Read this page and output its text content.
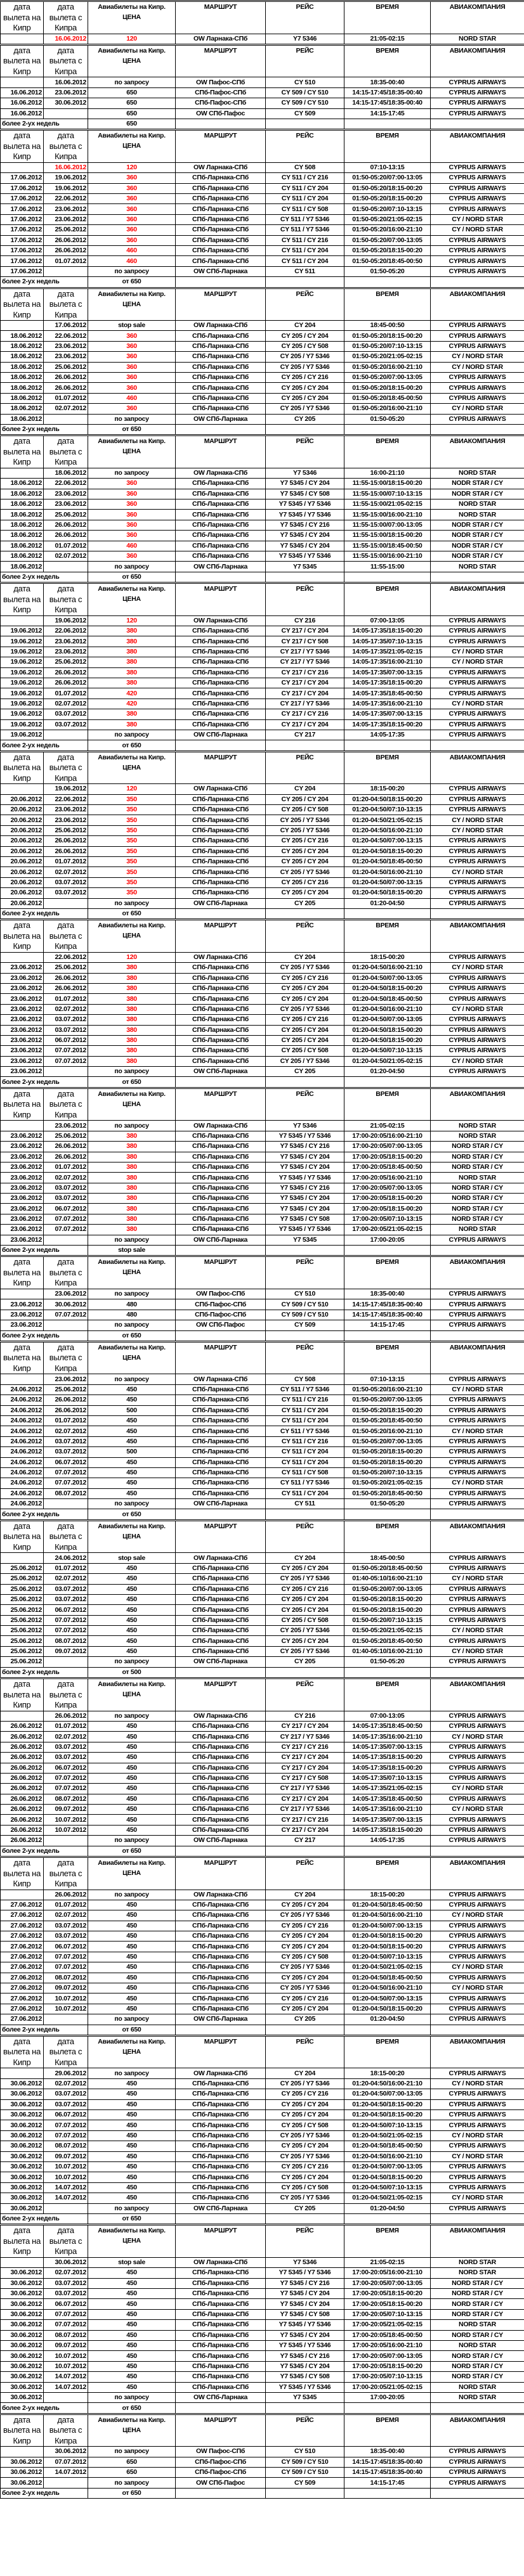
дата вылета на Кипр	дата вылета с Кипра	Авиабилеты на Кипр. ЦЕНА	МАРШРУТ	РЕЙС	ВРЕМЯ	АВИАКОМПАНИЯ
	16.06.2012	120	OW Ларнака-СПб	Y7 5346	21:05-02:15	NORD STAR
дата вылета на Кипр	дата вылета с Кипра	Авиабилеты на Кипр. ЦЕНА	МАРШРУТ	РЕЙС	ВРЕМЯ	АВИАКОМПАНИЯ
	16.06.2012	по запросу	OW Пафос-СПб	CY 510	18:35-00:40	CYPRUS AIRWAYS
16.06.2012	23.06.2012	650	СПб-Пафос-СПб	CY 509 / CY 510	14:15-17:45/18:35-00:40	CYPRUS AIRWAYS
16.06.2012	30.06.2012	650	СПб-Пафос-СПб	CY 509 / CY 510	14:15-17:45/18:35-00:40	CYPRUS AIRWAYS
16.06.2012		650	OW СПб-Пафос	CY 509	14:15-17:45	CYPRUS AIRWAYS
более 2-ух недель		650				
дата вылета на Кипр	дата вылета с Кипра	Авиабилеты на Кипр. ЦЕНА	МАРШРУТ	РЕЙС	ВРЕМЯ	АВИАКОМПАНИЯ
	16.06.2012	120	OW Ларнака-СПб	CY 508	07:10-13:15	CYPRUS AIRWAYS
17.06.2012	19.06.2012	360	СПб-Ларнака-СПб	CY 511 / CY 216	01:50-05:20/07:00-13:05	CYPRUS AIRWAYS
17.06.2012	19.06.2012	360	СПб-Ларнака-СПб	CY 511 / CY 204	01:50-05:20/18:15-00:20	CYPRUS AIRWAYS
17.06.2012	22.06.2012	360	СПб-Ларнака-СПб	CY 511 / CY 204	01:50-05:20/18:15-00:20	CYPRUS AIRWAYS
17.06.2012	23.06.2012	360	СПб-Ларнака-СПб	CY 511 / CY 508	01:50-05:20/07:10-13:15	CYPRUS AIRWAYS
17.06.2012	23.06.2012	360	СПб-Ларнака-СПб	CY 511 / Y7 5346	01:50-05:20/21:05-02:15	CY / NORD STAR
17.06.2012	25.06.2012	360	СПб-Ларнака-СПб	CY 511 / Y7 5346	01:50-05:20/16:00-21:10	CY / NORD STAR
17.06.2012	26.06.2012	360	СПб-Ларнака-СПб	CY 511 / CY 216	01:50-05:20/07:00-13:05	CYPRUS AIRWAYS
17.06.2012	26.06.2012	460	СПб-Ларнака-СПб	CY 511 / CY 204	01:50-05:20/18:15-00:20	CYPRUS AIRWAYS
17.06.2012	01.07.2012	460	СПб-Ларнака-СПб	CY 511 / CY 204	01:50-05:20/18:45-00:50	CYPRUS AIRWAYS
17.06.2012		по запросу	OW СПб-Ларнака	CY 511	01:50-05:20	CYPRUS AIRWAYS
более 2-ух недель		от 650				
дата вылета на Кипр	дата вылета с Кипра	Авиабилеты на Кипр. ЦЕНА	МАРШРУТ	РЕЙС	ВРЕМЯ	АВИАКОМПАНИЯ
	17.06.2012	stop sale	OW Ларнака-СПб	CY 204	18:45-00:50	CYPRUS AIRWAYS
18.06.2012	22.06.2012	360	СПб-Ларнака-СПб	CY 205 / CY 204	01:50-05:20/18:15-00:20	CYPRUS AIRWAYS
18.06.2012	23.06.2012	360	СПб-Ларнака-СПб	CY 205 / CY 508	01:50-05:20/07:10-13:15	CYPRUS AIRWAYS
18.06.2012	23.06.2012	360	СПб-Ларнака-СПб	CY 205 / Y7 5346	01:50-05:20/21:05-02:15	CY / NORD STAR
18.06.2012	25.06.2012	360	СПб-Ларнака-СПб	CY 205 / Y7 5346	01:50-05:20/16:00-21:10	CY / NORD STAR
18.06.2012	26.06.2012	360	СПб-Ларнака-СПб	CY 205 / CY 216	01:50-05:20/07:00-13:05	CYPRUS AIRWAYS
18.06.2012	26.06.2012	360	СПб-Ларнака-СПб	CY 205 / CY 204	01:50-05:20/18:15-00:20	CYPRUS AIRWAYS
18.06.2012	01.07.2012	460	СПб-Ларнака-СПб	CY 205 / CY 204	01:50-05:20/18:45-00:50	CYPRUS AIRWAYS
18.06.2012	02.07.2012	360	СПб-Ларнака-СПб	CY 205 / Y7 5346	01:50-05:20/16:00-21:10	CY / NORD STAR
18.06.2012		по запросу	OW СПб-Ларнака	CY 205	01:50-05:20	CYPRUS AIRWAYS
более 2-ух недель		от 650				
дата вылета на Кипр	дата вылета с Кипра	Авиабилеты на Кипр. ЦЕНА	МАРШРУТ	РЕЙС	ВРЕМЯ	АВИАКОМПАНИЯ
	18.06.2012	по запросу	OW Ларнака-СПб	Y7 5346	16:00-21:10	NORD STAR
18.06.2012	22.06.2012	360	СПб-Ларнака-СПб	Y7 5345 / CY 204	11:55-15:00/18:15-00:20	NODR STAR / CY
18.06.2012	23.06.2012	360	СПб-Ларнака-СПб	Y7 5345 / CY 508	11:55-15:00/07:10-13:15	NODR STAR / CY
18.06.2012	23.06.2012	360	СПб-Ларнака-СПб	Y7 5345 / Y7 5346	11:55-15:00/21:05-02:15	NORD STAR
18.06.2012	25.06.2012	360	СПб-Ларнака-СПб	Y7 5345 / Y7 5346	11:55-15:00/16:00-21:10	NORD STAR
18.06.2012	26.06.2012	360	СПб-Ларнака-СПб	Y7 5345 / CY 216	11:55-15:00/07:00-13:05	NODR STAR / CY
18.06.2012	26.06.2012	360	СПб-Ларнака-СПб	Y7 5345 / CY 204	11:55-15:00/18:15-00:20	NODR STAR / CY
18.06.2012	01.07.2012	460	СПб-Ларнака-СПб	Y7 5345 / CY 204	11:55-15:00/18:45-00:50	NODR STAR / CY
18.06.2012	02.07.2012	360	СПб-Ларнака-СПб	Y7 5345 / Y7 5346	11:55-15:00/16:00-21:10	NODR STAR / CY
18.06.2012		по запросу	OW СПб-Ларнака	Y7 5345	11:55-15:00	NORD STAR
более 2-ух недель		от 650				
дата вылета на Кипр	дата вылета с Кипра	Авиабилеты на Кипр. ЦЕНА	МАРШРУТ	РЕЙС	ВРЕМЯ	АВИАКОМПАНИЯ
	19.06.2012	120	OW Ларнака-СПб	CY 216	07:00-13:05	CYPRUS AIRWAYS
19.06.2012	22.06.2012	380	СПб-Ларнака-СПб	CY 217 / CY 204	14:05-17:35/18:15-00:20	CYPRUS AIRWAYS
19.06.2012	23.06.2012	380	СПб-Ларнака-СПб	CY 217 / CY 508	14:05-17:35/07:10-13:15	CYPRUS AIRWAYS
19.06.2012	23.06.2012	380	СПб-Ларнака-СПб	CY 217 / Y7 5346	14:05-17:35/21:05-02:15	CY / NORD STAR
19.06.2012	25.06.2012	380	СПб-Ларнака-СПб	CY 217 / Y7 5346	14:05-17:35/16:00-21:10	CY / NORD STAR
19.06.2012	26.06.2012	380	СПб-Ларнака-СПб	CY 217 / CY 216	14:05-17:35/07:00-13:15	CYPRUS AIRWAYS
19.06.2012	26.06.2012	380	СПб-Ларнака-СПб	CY 217 / CY 204	14:05-17:35/18:15-00:20	CYPRUS AIRWAYS
19.06.2012	01.07.2012	420	СПб-Ларнака-СПб	CY 217 / CY 204	14:05-17:35/18:45-00:50	CYPRUS AIRWAYS
19.06.2012	02.07.2012	420	СПб-Ларнака-СПб	CY 217 / Y7 5346	14:05-17:35/16:00-21:10	CY / NORD STAR
19.06.2012	03.07.2012	380	СПб-Ларнака-СПб	CY 217 / CY 216	14:05-17:35/07:00-13:15	CYPRUS AIRWAYS
19.06.2012	03.07.2012	380	СПб-Ларнака-СПб	CY 217 / CY 204	14:05-17:35/18:15-00:20	CYPRUS AIRWAYS
19.06.2012		по запросу	OW СПб-Ларнака	CY 217	14:05-17:35	CYPRUS AIRWAYS
более 2-ух недель		от 650				
дата вылета на Кипр	дата вылета с Кипра	Авиабилеты на Кипр. ЦЕНА	МАРШРУТ	РЕЙС	ВРЕМЯ	АВИАКОМПАНИЯ
	19.06.2012	120	OW Ларнака-СПб	CY 204	18:15-00:20	CYPRUS AIRWAYS
20.06.2012	22.06.2012	350	СПб-Ларнака-СПб	CY 205 / CY 204	01:20-04:50/18:15-00:20	CYPRUS AIRWAYS
20.06.2012	23.06.2012	350	СПб-Ларнака-СПб	CY 205 / CY 508	01:20-04:50/07:10-13:15	CYPRUS AIRWAYS
20.06.2012	23.06.2012	350	СПб-Ларнака-СПб	CY 205 / Y7 5346	01:20-04:50/21:05-02:15	CY / NORD STAR
20.06.2012	25.06.2012	350	СПб-Ларнака-СПб	CY 205 / Y7 5346	01:20-04:50/16:00-21:10	CY / NORD STAR
20.06.2012	26.06.2012	350	СПб-Ларнака-СПб	CY 205 / CY 216	01:20-04:50/07:00-13:15	CYPRUS AIRWAYS
20.06.2012	26.06.2012	350	СПб-Ларнака-СПб	CY 205 / CY 204	01:20-04:50/18:15-00:20	CYPRUS AIRWAYS
20.06.2012	01.07.2012	350	СПб-Ларнака-СПб	CY 205 / CY 204	01:20-04:50/18:45-00:50	CYPRUS AIRWAYS
20.06.2012	02.07.2012	350	СПб-Ларнака-СПб	CY 205 / Y7 5346	01:20-04:50/16:00-21:10	CY / NORD STAR
20.06.2012	03.07.2012	350	СПб-Ларнака-СПб	CY 205 / CY 216	01:20-04:50/07:00-13:15	CYPRUS AIRWAYS
20.06.2012	03.07.2012	350	СПб-Ларнака-СПб	CY 205 / CY 204	01:20-04:50/18:15-00:20	CYPRUS AIRWAYS
20.06.2012		по запросу	OW СПб-Ларнака	CY 205	01:20-04:50	CYPRUS AIRWAYS
более 2-ух недель		от 650				
дата вылета на Кипр	дата вылета с Кипра	Авиабилеты на Кипр. ЦЕНА	МАРШРУТ	РЕЙС	ВРЕМЯ	АВИАКОМПАНИЯ
	22.06.2012	120	OW Ларнака-СПб	CY 204	18:15-00:20	CYPRUS AIRWAYS
23.06.2012	25.06.2012	380	СПб-Ларнака-СПб	CY 205 / Y7 5346	01:20-04:50/16:00-21:10	CY / NORD STAR
23.06.2012	26.06.2012	380	СПб-Ларнака-СПб	CY 205 / CY 216	01:20-04:50/07:00-13:05	CYPRUS AIRWAYS
23.06.2012	26.06.2012	380	СПб-Ларнака-СПб	CY 205 / CY 204	01:20-04:50/18:15-00:20	CYPRUS AIRWAYS
23.06.2012	01.07.2012	380	СПб-Ларнака-СПб	CY 205 / CY 204	01:20-04:50/18:45-00:50	CYPRUS AIRWAYS
23.06.2012	02.07.2012	380	СПб-Ларнака-СПб	CY 205 / Y7 5346	01:20-04:50/16:00-21:10	CY / NORD STAR
23.06.2012	03.07.2012	380	СПб-Ларнака-СПб	CY 205 / CY 216	01:20-04:50/07:00-13:05	CYPRUS AIRWAYS
23.06.2012	03.07.2012	380	СПб-Ларнака-СПб	CY 205 / CY 204	01:20-04:50/18:15-00:20	CYPRUS AIRWAYS
23.06.2012	06.07.2012	380	СПб-Ларнака-СПб	CY 205 / CY 204	01:20-04:50/18:15-00:20	CYPRUS AIRWAYS
23.06.2012	07.07.2012	380	СПб-Ларнака-СПб	CY 205 / CY 508	01:20-04:50/07:10-13:15	CYPRUS AIRWAYS
23.06.2012	07.07.2012	380	СПб-Ларнака-СПб	CY 205 / Y7 5346	01:20-04:50/21:05-02:15	CY / NORD STAR
23.06.2012		по запросу	OW СПб-Ларнака	CY 205	01:20-04:50	CYPRUS AIRWAYS
более 2-ух недель		от 650				
дата вылета на Кипр	дата вылета с Кипра	Авиабилеты на Кипр. ЦЕНА	МАРШРУТ	РЕЙС	ВРЕМЯ	АВИАКОМПАНИЯ
	23.06.2012	по запросу	OW Ларнака-СПб	Y7 5346	21:05-02:15	NORD STAR
23.06.2012	25.06.2012	380	СПб-Ларнака-СПб	Y7 5345 / Y7 5346	17:00-20:05/16:00-21:10	NORD STAR
23.06.2012	26.06.2012	380	СПб-Ларнака-СПб	Y7 5345 / CY 216	17:00-20:05/07:00-13:05	NORD STAR / CY
23.06.2012	26.06.2012	380	СПб-Ларнака-СПб	Y7 5345 / CY 204	17:00-20:05/18:15-00:20	NORD STAR / CY
23.06.2012	01.07.2012	380	СПб-Ларнака-СПб	Y7 5345 / CY 204	17:00-20:05/18:45-00:50	NORD STAR / CY
23.06.2012	02.07.2012	380	СПб-Ларнака-СПб	Y7 5345 / Y7 5346	17:00-20:05/16:00-21:10	NORD STAR
23.06.2012	03.07.2012	380	СПб-Ларнака-СПб	Y7 5345 / CY 216	17:00-20:05/07:00-13:05	NORD STAR / CY
23.06.2012	03.07.2012	380	СПб-Ларнака-СПб	Y7 5345 / CY 204	17:00-20:05/18:15-00:20	NORD STAR / CY
23.06.2012	06.07.2012	380	СПб-Ларнака-СПб	Y7 5345 / CY 204	17:00-20:05/18:15-00:20	NORD STAR / CY
23.06.2012	07.07.2012	380	СПб-Ларнака-СПб	Y7 5345 / CY 508	17:00-20:05/07:10-13:15	NORD STAR / CY
23.06.2012	07.07.2012	380	СПб-Ларнака-СПб	Y7 5345 / Y7 5346	17:00-20:05/21:05-02:15	NORD STAR
23.06.2012		по запросу	OW СПб-Ларнака	Y7 5345	17:00-20:05	CYPRUS AIRWAYS
более 2-ух недель		stop sale				
дата вылета на Кипр	дата вылета с Кипра	Авиабилеты на Кипр. ЦЕНА	МАРШРУТ	РЕЙС	ВРЕМЯ	АВИАКОМПАНИЯ
	23.06.2012	по запросу	OW Пафос-СПб	CY 510	18:35-00:40	CYPRUS AIRWAYS
23.06.2012	30.06.2012	480	СПб-Пафос-СПб	CY 509 / CY 510	14:15-17:45/18:35-00:40	CYPRUS AIRWAYS
23.06.2012	07.07.2012	480	СПб-Пафос-СПб	CY 509 / CY 510	14:15-17:45/18:35-00:40	CYPRUS AIRWAYS
23.06.2012		по запросу	OW СПб-Пафос	CY 509	14:15-17:45	CYPRUS AIRWAYS
более 2-ух недель		от 650				
дата вылета на Кипр	дата вылета с Кипра	Авиабилеты на Кипр. ЦЕНА	МАРШРУТ	РЕЙС	ВРЕМЯ	АВИАКОМПАНИЯ
	23.06.2012	по запросу	OW Ларнака-СПб	CY 508	07:10-13:15	CYPRUS AIRWAYS
24.06.2012	25.06.2012	450	СПб-Ларнака-СПб	CY 511 / Y7 5346	01:50-05:20/16:00-21:10	CY / NORD STAR
24.06.2012	26.06.2012	450	СПб-Ларнака-СПб	CY 511 / CY 216	01:50-05:20/07:00-13:05	CYPRUS AIRWAYS
24.06.2012	26.06.2012	500	СПб-Ларнака-СПб	CY 511 / CY 204	01:50-05:20/18:15-00:20	CYPRUS AIRWAYS
24.06.2012	01.07.2012	450	СПб-Ларнака-СПб	CY 511 / CY 204	01:50-05:20/18:45-00:50	CYPRUS AIRWAYS
24.06.2012	02.07.2012	450	СПб-Ларнака-СПб	CY 511 / Y7 5346	01:50-05:20/16:00-21:10	CY / NORD STAR
24.06.2012	03.07.2012	450	СПб-Ларнака-СПб	CY 511 / CY 216	01:50-05:20/07:00-13:05	CYPRUS AIRWAYS
24.06.2012	03.07.2012	500	СПб-Ларнака-СПб	CY 511 / CY 204	01:50-05:20/18:15-00:20	CYPRUS AIRWAYS
24.06.2012	06.07.2012	450	СПб-Ларнака-СПб	CY 511 / CY 204	01:50-05:20/18:15-00:20	CYPRUS AIRWAYS
24.06.2012	07.07.2012	450	СПб-Ларнака-СПб	CY 511 / CY 508	01:50-05:20/07:10-13:15	CYPRUS AIRWAYS
24.06.2012	07.07.2012	450	СПб-Ларнака-СПб	CY 511 / Y7 5346	01:50-05:20/21:05-02:15	CY / NORD STAR
24.06.2012	08.07.2012	450	СПб-Ларнака-СПб	CY 511 / CY 204	01:50-05:20/18:45-00:50	CYPRUS AIRWAYS
24.06.2012		по запросу	OW СПб-Ларнака	CY 511	01:50-05:20	CYPRUS AIRWAYS
более 2-ух недель		от 650				
дата вылета на Кипр	дата вылета с Кипра	Авиабилеты на Кипр. ЦЕНА	МАРШРУТ	РЕЙС	ВРЕМЯ	АВИАКОМПАНИЯ
	24.06.2012	stop sale	OW Ларнака-СПб	CY 204	18:45-00:50	CYPRUS AIRWAYS
25.06.2012	01.07.2012	450	СПб-Ларнака-СПб	CY 205 / CY 204	01:50-05:20/18:45-00:50	CYPRUS AIRWAYS
25.06.2012	02.07.2012	450	СПб-Ларнака-СПб	CY 205 / Y7 5346	01:40-05:10/16:00-21:10	CY / NORD STAR
25.06.2012	03.07.2012	450	СПб-Ларнака-СПб	CY 205 / CY 216	01:50-05:20/07:00-13:05	CYPRUS AIRWAYS
25.06.2012	03.07.2012	450	СПб-Ларнака-СПб	CY 205 / CY 204	01:50-05:20/18:15-00:20	CYPRUS AIRWAYS
25.06.2012	06.07.2012	450	СПб-Ларнака-СПб	CY 205 / CY 204	01:50-05:20/18:15-00:20	CYPRUS AIRWAYS
25.06.2012	07.07.2012	450	СПб-Ларнака-СПб	CY 205 / CY 508	01:50-05:20/07:10-13:15	CYPRUS AIRWAYS
25.06.2012	07.07.2012	450	СПб-Ларнака-СПб	CY 205 / Y7 5346	01:50-05:20/21:05-02:15	CY / NORD STAR
25.06.2012	08.07.2012	450	СПб-Ларнака-СПб	CY 205 / CY 204	01:50-05:20/18:45-00:50	CYPRUS AIRWAYS
25.06.2012	09.07.2012	450	СПб-Ларнака-СПб	CY 205 / Y7 5346	01:40-05:10/16:00-21:10	CY / NORD STAR
25.06.2012		по запросу	OW СПб-Ларнака	CY 205	01:50-05:20	CYPRUS AIRWAYS
более 2-ух недель		от 500				
дата вылета на Кипр	дата вылета с Кипра	Авиабилеты на Кипр. ЦЕНА	МАРШРУТ	РЕЙС	ВРЕМЯ	АВИАКОМПАНИЯ
	26.06.2012	по запросу	OW Ларнака-СПб	CY 216	07:00-13:05	CYPRUS AIRWAYS
26.06.2012	01.07.2012	450	СПб-Ларнака-СПб	CY 217 / CY 204	14:05-17:35/18:45-00:50	CYPRUS AIRWAYS
26.06.2012	02.07.2012	450	СПб-Ларнака-СПб	CY 217 / Y7 5346	14:05-17:35/16:00-21:10	CY / NORD STAR
26.06.2012	03.07.2012	450	СПб-Ларнака-СПб	CY 217 / CY 216	14:05-17:35/07:00-13:15	CYPRUS AIRWAYS
26.06.2012	03.07.2012	450	СПб-Ларнака-СПб	CY 217 / CY 204	14:05-17:35/18:15-00:20	CYPRUS AIRWAYS
26.06.2012	06.07.2012	450	СПб-Ларнака-СПб	CY 217 / CY 204	14:05-17:35/18:15-00:20	CYPRUS AIRWAYS
26.06.2012	07.07.2012	450	СПб-Ларнака-СПб	CY 217 / CY 508	14:05-17:35/07:10-13:15	CYPRUS AIRWAYS
26.06.2012	07.07.2012	450	СПб-Ларнака-СПб	CY 217 / Y7 5346	14:05-17:35/21:05-02:15	CY / NORD STAR
26.06.2012	08.07.2012	450	СПб-Ларнака-СПб	CY 217 / CY 204	14:05-17:35/18:45-00:50	CYPRUS AIRWAYS
26.06.2012	09.07.2012	450	СПб-Ларнака-СПб	CY 217 / Y7 5346	14:05-17:35/16:00-21:10	CY / NORD STAR
26.06.2012	10.07.2012	450	СПб-Ларнака-СПб	CY 217 / CY 216	14:05-17:35/07:00-13:15	CYPRUS AIRWAYS
26.06.2012	10.07.2012	450	СПб-Ларнака-СПб	CY 217 / CY 204	14:05-17:35/18:15-00:20	CYPRUS AIRWAYS
26.06.2012		по запросу	OW СПб-Ларнака	CY 217	14:05-17:35	CYPRUS AIRWAYS
более 2-ух недель		от 650				
дата вылета на Кипр	дата вылета с Кипра	Авиабилеты на Кипр. ЦЕНА	МАРШРУТ	РЕЙС	ВРЕМЯ	АВИАКОМПАНИЯ
	26.06.2012	по запросу	OW Ларнака-СПб	CY 204	18:15-00:20	CYPRUS AIRWAYS
27.06.2012	01.07.2012	450	СПб-Ларнака-СПб	CY 205 / CY 204	01:20-04:50/18:45-00:50	CYPRUS AIRWAYS
27.06.2012	02.07.2012	450	СПб-Ларнака-СПб	CY 205 / Y7 5346	01:20-04:50/16:00-21:10	CY / NORD STAR
27.06.2012	03.07.2012	450	СПб-Ларнака-СПб	CY 205 / CY 216	01:20-04:50/07:00-13:15	CYPRUS AIRWAYS
27.06.2012	03.07.2012	450	СПб-Ларнака-СПб	CY 205 / CY 204	01:20-04:50/18:15-00:20	CYPRUS AIRWAYS
27.06.2012	06.07.2012	450	СПб-Ларнака-СПб	CY 205 / CY 204	01:20-04:50/18:15-00:20	CYPRUS AIRWAYS
27.06.2012	07.07.2012	450	СПб-Ларнака-СПб	CY 205 / CY 508	01:20-04:50/07:10-13:15	CYPRUS AIRWAYS
27.06.2012	07.07.2012	450	СПб-Ларнака-СПб	CY 205 / Y7 5346	01:20-04:50/21:05-02:15	CY / NORD STAR
27.06.2012	08.07.2012	450	СПб-Ларнака-СПб	CY 205 / CY 204	01:20-04:50/18:45-00:50	CYPRUS AIRWAYS
27.06.2012	09.07.2012	450	СПб-Ларнака-СПб	CY 205 / Y7 5346	01:20-04:50/16:00-21:10	CY / NORD STAR
27.06.2012	10.07.2012	450	СПб-Ларнака-СПб	CY 205 / CY 216	01:20-04:50/07:00-13:15	CYPRUS AIRWAYS
27.06.2012	10.07.2012	450	СПб-Ларнака-СПб	CY 205 / CY 204	01:20-04:50/18:15-00:20	CYPRUS AIRWAYS
27.06.2012		по запросу	OW СПб-Ларнака	CY 205	01:20-04:50	CYPRUS AIRWAYS
более 2-ух недель		от 650				
дата вылета на Кипр	дата вылета с Кипра	Авиабилеты на Кипр. ЦЕНА	МАРШРУТ	РЕЙС	ВРЕМЯ	АВИАКОМПАНИЯ
	29.06.2012	по запросу	OW Ларнака-СПб	CY 204	18:15-00:20	CYPRUS AIRWAYS
30.06.2012	02.07.2012	450	СПб-Ларнака-СПб	CY 205 / Y7 5346	01:20-04:50/16:00-21:10	CY / NORD STAR
30.06.2012	03.07.2012	450	СПб-Ларнака-СПб	CY 205 / CY 216	01:20-04:50/07:00-13:05	CYPRUS AIRWAYS
30.06.2012	03.07.2012	450	СПб-Ларнака-СПб	CY 205 / CY 204	01:20-04:50/18:15-00:20	CYPRUS AIRWAYS
30.06.2012	06.07.2012	450	СПб-Ларнака-СПб	CY 205 / CY 204	01:20-04:50/18:15-00:20	CYPRUS AIRWAYS
30.06.2012	07.07.2012	450	СПб-Ларнака-СПб	CY 205 / CY 508	01:20-04:50/07:10-13:15	CYPRUS AIRWAYS
30.06.2012	07.07.2012	450	СПб-Ларнака-СПб	CY 205 / Y7 5346	01:20-04:50/21:05-02:15	CY / NORD STAR
30.06.2012	08.07.2012	450	СПб-Ларнака-СПб	CY 205 / CY 204	01:20-04:50/18:45-00:50	CYPRUS AIRWAYS
30.06.2012	09.07.2012	450	СПб-Ларнака-СПб	CY 205 / Y7 5346	01:20-04:50/16:00-21:10	CY / NORD STAR
30.06.2012	10.07.2012	450	СПб-Ларнака-СПб	CY 205 / CY 216	01:20-04:50/07:00-13:05	CYPRUS AIRWAYS
30.06.2012	10.07.2012	450	СПб-Ларнака-СПб	CY 205 / CY 204	01:20-04:50/18:15-00:20	CYPRUS AIRWAYS
30.06.2012	14.07.2012	450	СПб-Ларнака-СПб	CY 205 / CY 508	01:20-04:50/07:10-13:15	CYPRUS AIRWAYS
30.06.2012	14.07.2012	450	СПб-Ларнака-СПб	CY 205 / Y7 5346	01:20-04:50/21:05-02:15	CY / NORD STAR
30.06.2012		по запросу	OW СПб-Ларнака	CY 205	01:20-04:50	CYPRUS AIRWAYS
более 2-ух недель		от 650				
дата вылета на Кипр	дата вылета с Кипра	Авиабилеты на Кипр. ЦЕНА	МАРШРУТ	РЕЙС	ВРЕМЯ	АВИАКОМПАНИЯ
	30.06.2012	stop sale	OW Ларнака-СПб	Y7 5346	21:05-02:15	NORD STAR
30.06.2012	02.07.2012	450	СПб-Ларнака-СПб	Y7 5345 / Y7 5346	17:00-20:05/16:00-21:10	NORD STAR
30.06.2012	03.07.2012	450	СПб-Ларнака-СПб	Y7 5345 / CY 216	17:00-20:05/07:00-13:05	NORD STAR / CY
30.06.2012	03.07.2012	450	СПб-Ларнака-СПб	Y7 5345 / CY 204	17:00-20:05/18:15-00:20	NORD STAR / CY
30.06.2012	06.07.2012	450	СПб-Ларнака-СПб	Y7 5345 / CY 204	17:00-20:05/18:15-00:20	NORD STAR / CY
30.06.2012	07.07.2012	450	СПб-Ларнака-СПб	Y7 5345 / CY 508	17:00-20:05/07:10-13:15	NORD STAR / CY
30.06.2012	07.07.2012	450	СПб-Ларнака-СПб	Y7 5345 / Y7 5346	17:00-20:05/21:05-02:15	NORD STAR
30.06.2012	08.07.2012	450	СПб-Ларнака-СПб	Y7 5345 / CY 204	17:00-20:05/18:45-00:50	NORD STAR / CY
30.06.2012	09.07.2012	450	СПб-Ларнака-СПб	Y7 5345 / Y7 5346	17:00-20:05/16:00-21:10	NORD STAR
30.06.2012	10.07.2012	450	СПб-Ларнака-СПб	Y7 5345 / CY 216	17:00-20:05/07:00-13:05	NORD STAR / CY
30.06.2012	10.07.2012	450	СПб-Ларнака-СПб	Y7 5345 / CY 204	17:00-20:05/18:15-00:20	NORD STAR / CY
30.06.2012	14.07.2012	450	СПб-Ларнака-СПб	Y7 5345 / CY 508	17:00-20:05/07:10-13:15	NORD STAR / CY
30.06.2012	14.07.2012	450	СПб-Ларнака-СПб	Y7 5345 / Y7 5346	17:00-20:05/21:05-02:15	NORD STAR
30.06.2012		по запросу	OW СПб-Ларнака	Y7 5345	17:00-20:05	NORD STAR
более 2-ух недель		от 650				
дата вылета на Кипр	дата вылета с Кипра	Авиабилеты на Кипр. ЦЕНА	МАРШРУТ	РЕЙС	ВРЕМЯ	АВИАКОМПАНИЯ
	30.06.2012	по запросу	OW Пафос-СПб	CY 510	18:35-00:40	CYPRUS AIRWAYS
30.06.2012	07.07.2012	650	СПб-Пафос-СПб	CY 509 / CY 510	14:15-17:45/18:35-00:40	CYPRUS AIRWAYS
30.06.2012	14.07.2012	650	СПб-Пафос-СПб	CY 509 / CY 510	14:15-17:45/18:35-00:40	CYPRUS AIRWAYS
30.06.2012		по запросу	OW СПб-Пафос	CY 509	14:15-17:45	CYPRUS AIRWAYS
более 2-ух недель		от 650				
